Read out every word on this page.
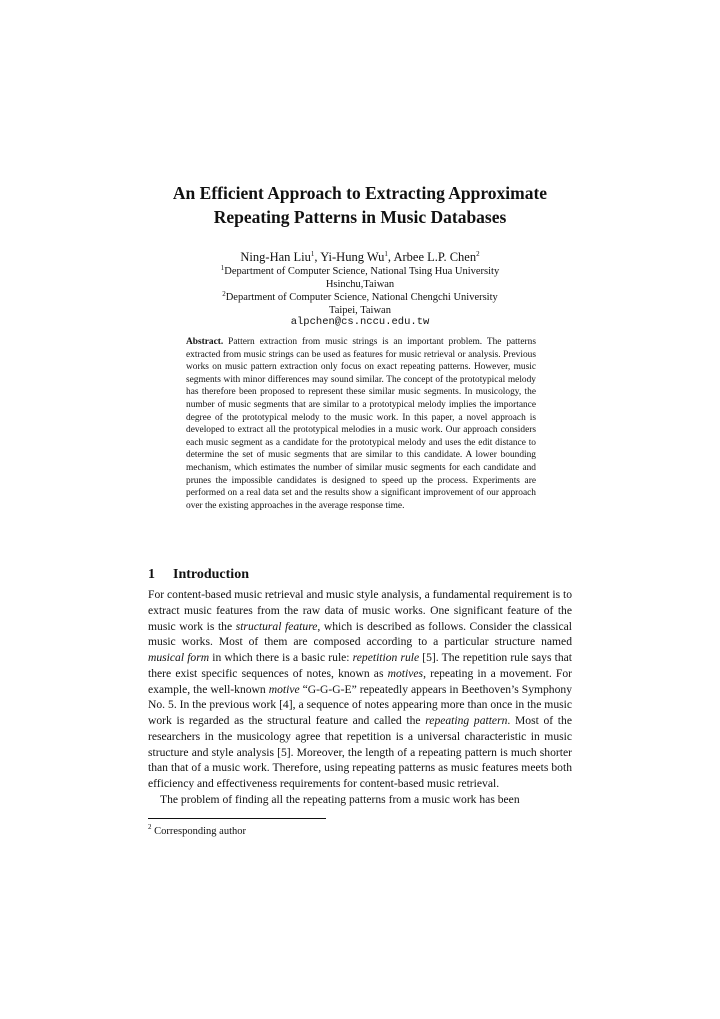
An Efficient Approach to Extracting Approximate
Repeating Patterns in Music Databases
Ning-Han Liu$^1$, Yi-Hung Wu$^1$, Arbee L.P. Chen$^2$
$^1$Department of Computer Science, National Tsing Hua University
Hsinchu,Taiwan
$^2$Department of Computer Science, National Chengchi University
Taipei, Taiwan
alpchen@cs.nccu.edu.tw
Abstract. Pattern extraction from music strings is an important problem. The patterns extracted from music strings can be used as features for music retrieval or analysis. Previous works on music pattern extraction only focus on exact repeating patterns. However, music segments with minor differences may sound similar. The concept of the prototypical melody has therefore been proposed to represent these similar music segments. In musicology, the number of music segments that are similar to a prototypical melody implies the importance degree of the prototypical melody to the music work. In this paper, a novel approach is developed to extract all the prototypical melodies in a music work. Our approach considers each music segment as a candidate for the prototypical melody and uses the edit distance to determine the set of music segments that are similar to this candidate. A lower bounding mechanism, which estimates the number of similar music segments for each candidate and prunes the impossible candidates is designed to speed up the process. Experiments are performed on a real data set and the results show a significant improvement of our approach over the existing approaches in the average response time.
1 Introduction

For content-based music retrieval and music style analysis, a fundamental requirement is to extract music features from the raw data of music works. One significant feature of the music work is the structural feature, which is described as follows. Consider the classical music works. Most of them are composed according to a particular structure named musical form in which there is a basic rule: repetition rule [5]. The repetition rule says that there exist specific sequences of notes, known as motives, repeating in a movement. For example, the well-known motive “G-G-G-E” repeatedly appears in Beethoven’s Symphony No. 5. In the previous work [4], a sequence of notes appearing more than once in the music work is regarded as the structural feature and called the repeating pattern. Most of the researchers in the musicology agree that repetition is a universal characteristic in music structure and style analysis [5]. Moreover, the length of a repeating pattern is much shorter than that of a music work. Therefore, using repeating patterns as music features meets both efficiency and effectiveness requirements for content-based music retrieval.

The problem of finding all the repeating patterns from a music work has been

$^2$ Corresponding author
